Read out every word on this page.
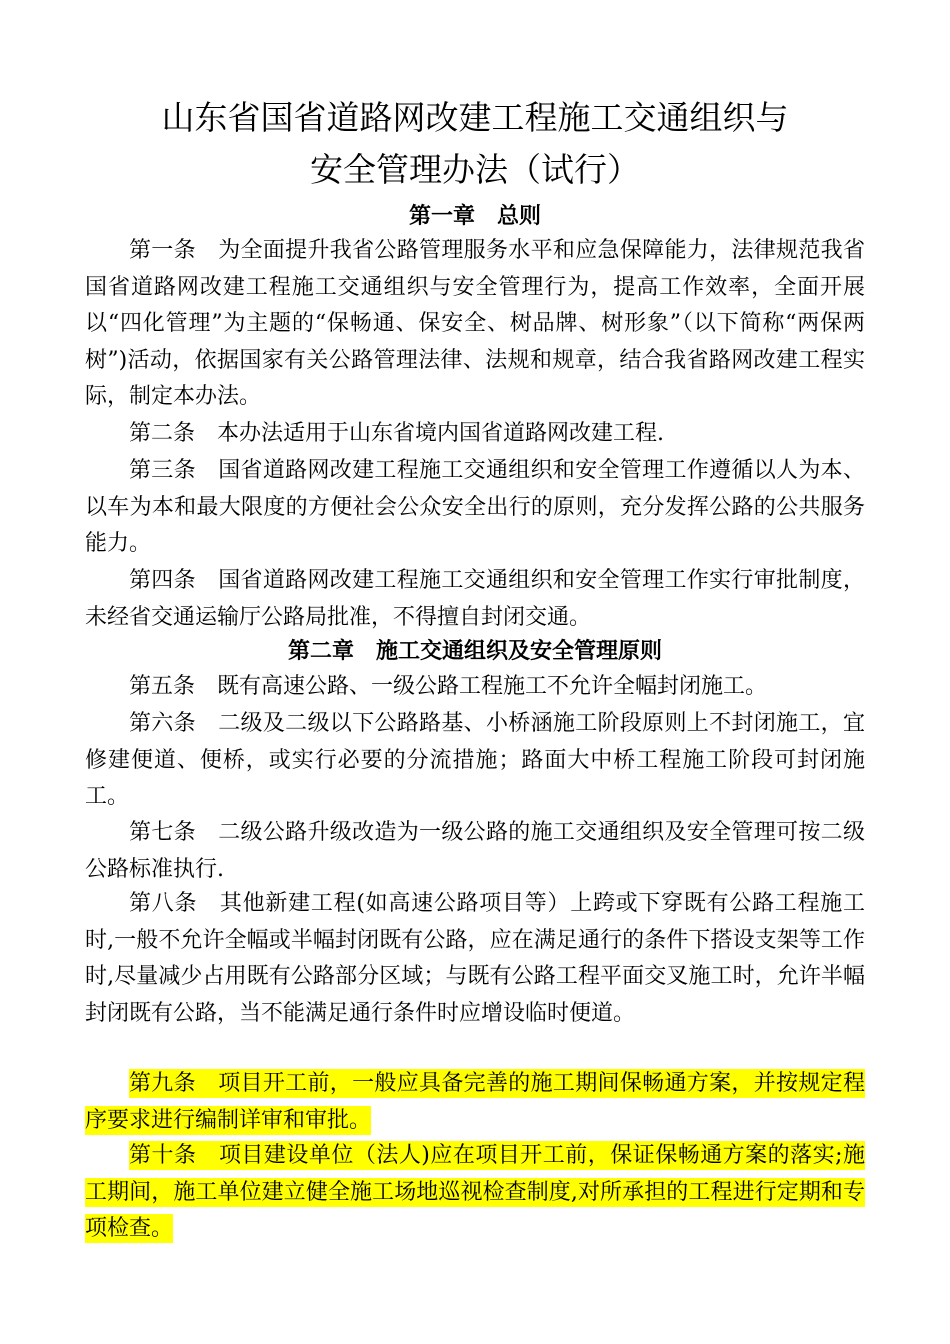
山东省国省道路网改建工程施工交通组织与
安全管理办法（试行）
第一章　总则

第一条　为全面提升我省公路管理服务水平和应急保障能力，法律规范我省国省道路网改建工程施工交通组织与安全管理行为，提高工作效率，全面开展以“四化管理”为主题的“保畅通、保安全、树品牌、树形象”（以下简称“两保两树”)活动，依据国家有关公路管理法律、法规和规章，结合我省路网改建工程实际，制定本办法。

第二条　本办法适用于山东省境内国省道路网改建工程.

第三条　国省道路网改建工程施工交通组织和安全管理工作遵循以人为本、以车为本和最大限度的方便社会公众安全出行的原则，充分发挥公路的公共服务能力。

第四条　国省道路网改建工程施工交通组织和安全管理工作实行审批制度，未经省交通运输厅公路局批准，不得擅自封闭交通。

第二章　施工交通组织及安全管理原则

第五条　既有高速公路、一级公路工程施工不允许全幅封闭施工。

第六条　二级及二级以下公路路基、小桥涵施工阶段原则上不封闭施工，宜修建便道、便桥，或实行必要的分流措施；路面大中桥工程施工阶段可封闭施工。

第七条　二级公路升级改造为一级公路的施工交通组织及安全管理可按二级公路标准执行.

第八条　其他新建工程(如高速公路项目等）上跨或下穿既有公路工程施工时,一般不允许全幅或半幅封闭既有公路，应在满足通行的条件下搭设支架等工作时,尽量减少占用既有公路部分区域；与既有公路工程平面交叉施工时，允许半幅封闭既有公路，当不能满足通行条件时应增设临时便道。

第九条　项目开工前，一般应具备完善的施工期间保畅通方案，并按规定程序要求进行编制详审和审批。

第十条　项目建设单位（法人)应在项目开工前，保证保畅通方案的落实;施工期间，施工单位建立健全施工场地巡视检查制度,对所承担的工程进行定期和专项检查。
